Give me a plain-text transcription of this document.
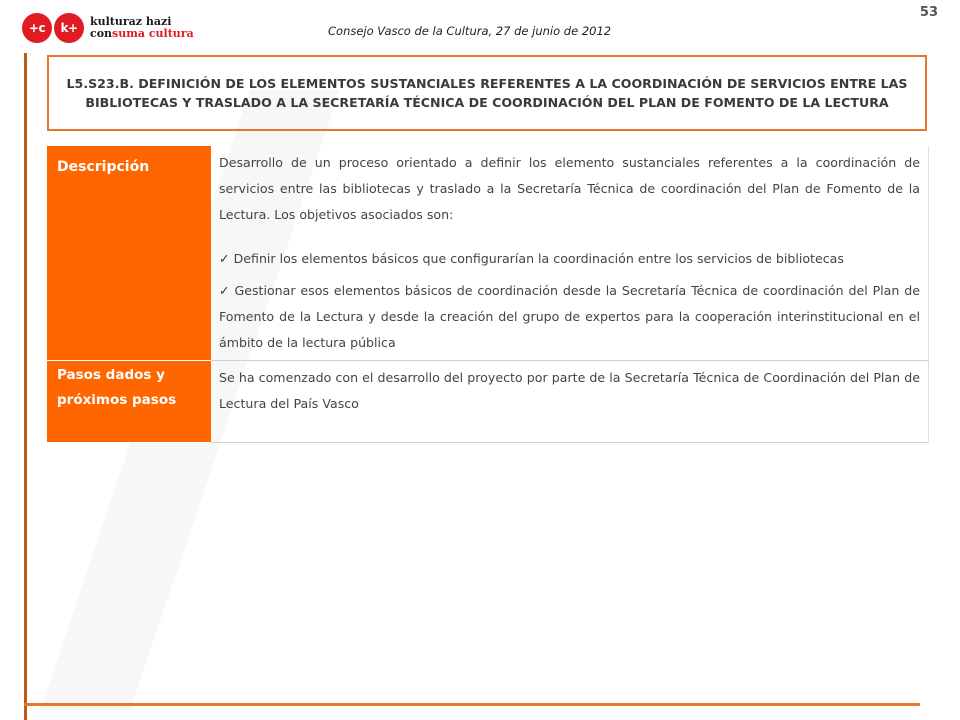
+c	k+	kulturaz hazi
consuma cultura	Consejo Vasco de la Cultura, 27 de junio de 2012
53
L5.S23.B. DEFINICIÓN DE LOS ELEMENTOS SUSTANCIALES REFERENTES A LA COORDINACIÓN DE SERVICIOS ENTRE LAS BIBLIOTECAS Y TRASLADO A LA SECRETARÍA TÉCNICA DE COORDINACIÓN DEL PLAN DE FOMENTO DE LA LECTURA
Descripción	Desarrollo de un proceso orientado a definir los elemento sustanciales referentes a la coordinación de servicios entre las bibliotecas y traslado a la Secretaría Técnica de coordinación del Plan de Fomento de la Lectura. Los objetivos asociados son:

✓ Definir los elementos básicos que configurarían la coordinación entre los servicios de bibliotecas

✓ Gestionar esos elementos básicos de coordinación desde la Secretaría Técnica de coordinación del Plan de Fomento de la Lectura y desde la creación del grupo de expertos para la cooperación interinstitucional en el ámbito de la lectura pública

Pasos dados y próximos pasos	Se ha comenzado con el desarrollo del proyecto por parte de la Secretaría Técnica de Coordinación del Plan de Lectura del País Vasco
